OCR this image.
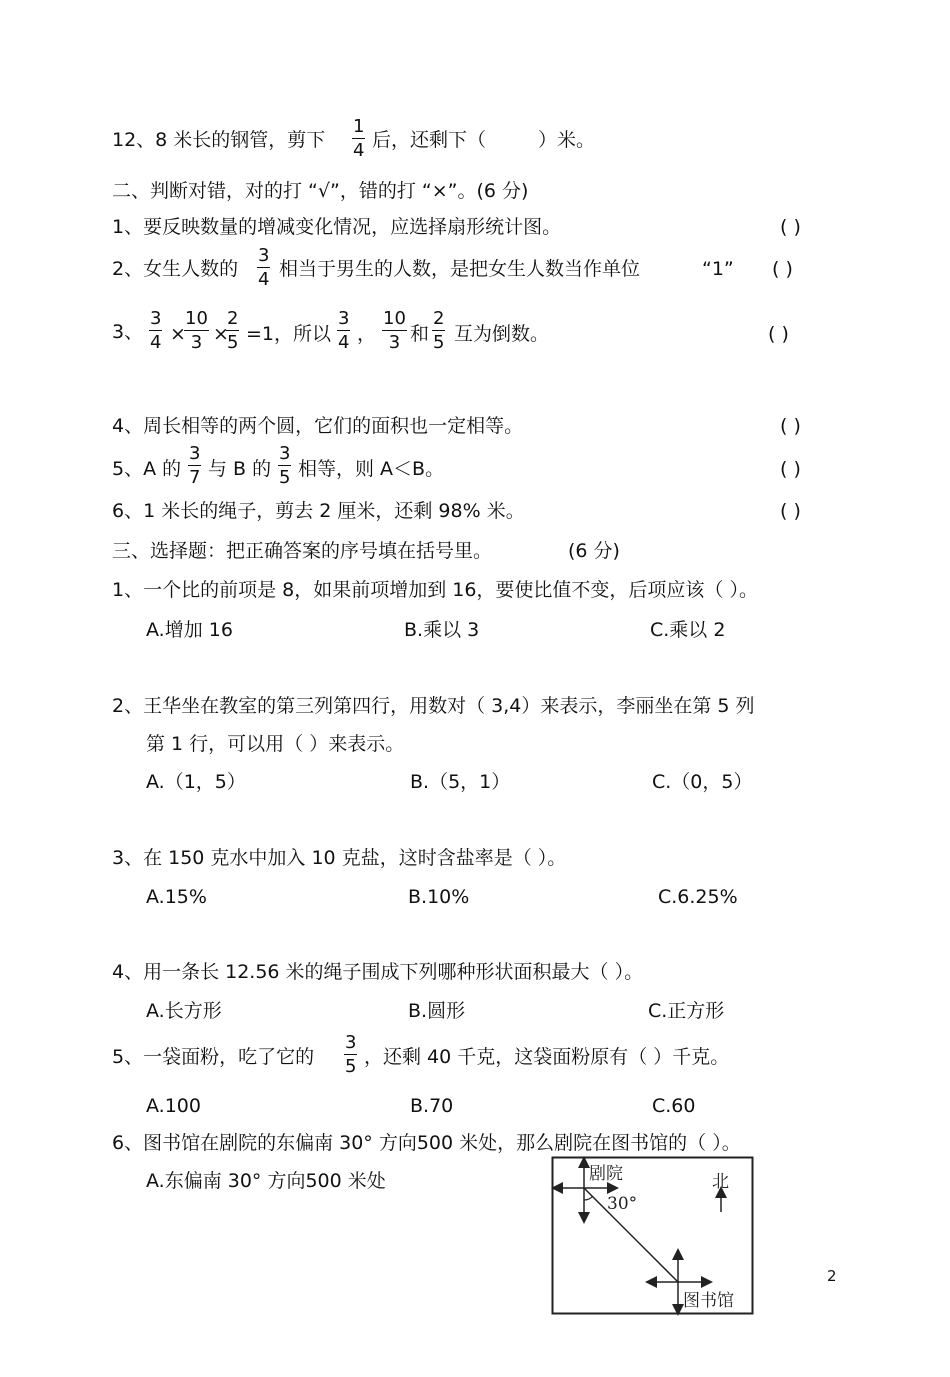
12、8 米长的钢管，剪下 $\frac{1}{4}$ 后，还剩下（	）米。
二、判断对错，对的打 “√”，错的打 “×”。(6 分)
1、要反映数量的增减变化情况，应选择扇形统计图。	( )
2、女生人数的 $\frac{3}{4}$ 相当于男生的人数，是把女生人数当作单位	“1” ( )
3、 $\frac{3}{4}$ ×
$\frac{10}{3}$ ×
$\frac{2}{5} =1$，所以 $\frac{3}{4}$ ， $\frac{10}{3}$ 和 $\frac{2}{5}$ 互为倒数。	( )
4、周长相等的两个圆，它们的面积也一定相等。	( )
5、A 的 $\frac{3}{7}$ 与 B 的 $\frac{3}{5}$ 相等，则 A＜B。	( )
6、1 米长的绳子，剪去 2 厘米，还剩 98% 米。	( )
三、选择题：把正确答案的序号填在括号里。	(6 分)
1、一个比的前项是 8，如果前项增加到 16，要使比值不变，后项应该（ ）。
A.增加 16	B.乘以 3	C.乘以 2
2、王华坐在教室的第三列第四行，用数对（ 3,4）来表示，李丽坐在第 5 列
第 1 行，可以用（ ）来表示。
A.（1，5）	B.（5，1）	C.（0，5）
3、在 150 克水中加入 10 克盐，这时含盐率是（ ）。
A.15%	B.10%	C.6.25%
4、用一条长 12.56 米的绳子围成下列哪种形状面积最大（ ）。
A.长方形	B.圆形	C.正方形
5、一袋面粉，吃了它的 $\frac{3}{5}$ ，还剩 40 千克，这袋面粉原有（ ）千克。
A.100	B.70	C.60
6、图书馆在剧院的东偏南 30° 方向500 米处，那么剧院在图书馆的（ ）。
A.东偏南 30° 方向500 米处	剧院
30°
北
图书馆
2
